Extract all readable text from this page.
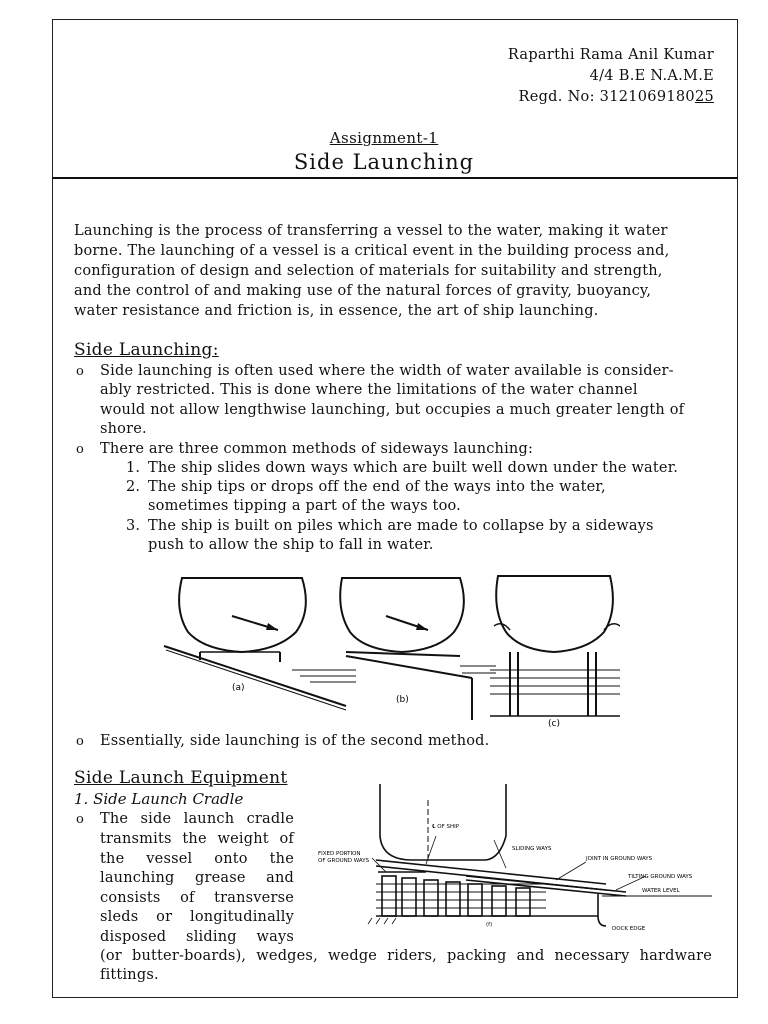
Raparthi Rama Anil Kumar
4/4 B.E N.A.M.E
Regd. No: 312106918025
Assignment-1
Side Launching
Launching is the process of transferring a vessel to the water, making it water
borne. The launching of a vessel is a critical event in the building process and,
configuration of design and selection of materials for suitability and strength,
and the control of and making use of the natural forces of gravity, buoyancy,
water resistance and friction is, in essence, the art of ship launching.
Side Launching:
o Side launching is often used where the width of water available is consider-
ably restricted. This is done where the limitations of the water channel
would not allow lengthwise launching, but occupies a much greater length of
shore.
o There are three common methods of sideways launching:
1. The ship slides down ways which are built well down under the water.
2. The ship tips or drops off the end of the ways into the water,
sometimes tipping a part of the ways too.
3. The ship is built on piles which are made to collapse by a sideways
push to allow the ship to fall in water.
(a)
(b)
(c)
o Essentially, side launching is of the second method.
Side Launch Equipment
1. Side Launch Cradle
o The side launch cradle
transmits the weight of
the vessel onto the
launching grease and
consists of transverse
sleds or longitudinally
disposed sliding ways
(or butter-boards), wedges, wedge riders, packing and necessary hardware
fittings.
℄ OF SHIP
SLIDING WAYS
FIXED PORTION
OF GROUND WAYS	JOINT IN GROUND WAYS
TILTING GROUND WAYS
WATER LEVEL
DOCK EDGE
(f)
